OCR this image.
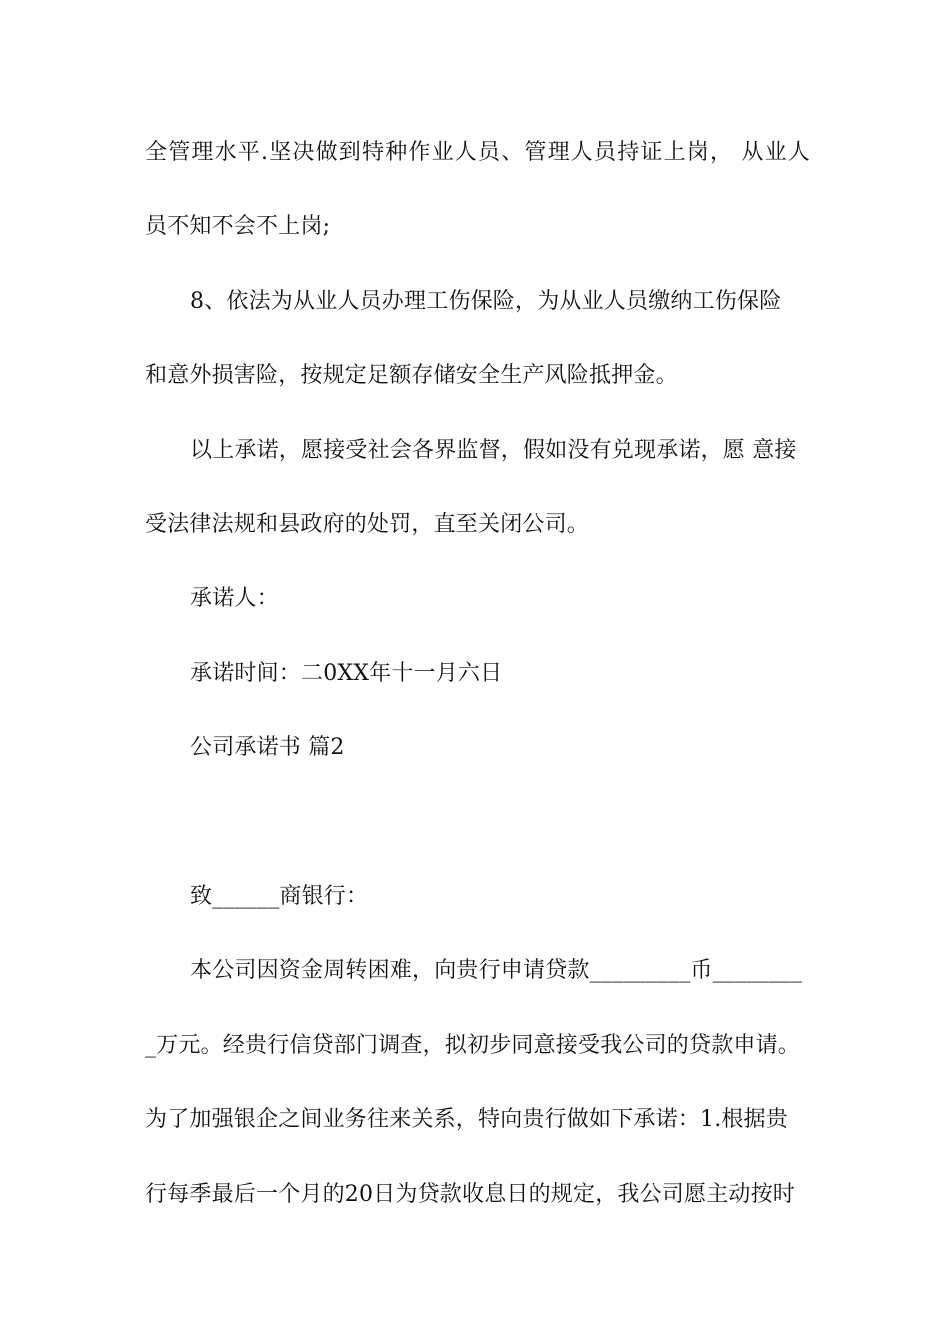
全管理水平.坚决做到特种作业人员、管理人员持证上岗， 从业人
员不知不会不上岗;
8、依法为从业人员办理工伤保险，为从业人员缴纳工伤保险
和意外损害险，按规定足额存储安全生产风险抵押金。
以上承诺，愿接受社会各界监督，假如没有兑现承诺，愿 意接
受法律法规和县政府的处罚，直至关闭公司。
承诺人：
承诺时间：二0XX年十一月六日
公司承诺书 篇2
致______商银行：
本公司因资金周转困难，向贵行申请贷款_________币________
_万元。经贵行信贷部门调查，拟初步同意接受我公司的贷款申请。
为了加强银企之间业务往来关系，特向贵行做如下承诺：1.根据贵
行每季最后一个月的20日为贷款收息日的规定，我公司愿主动按时
